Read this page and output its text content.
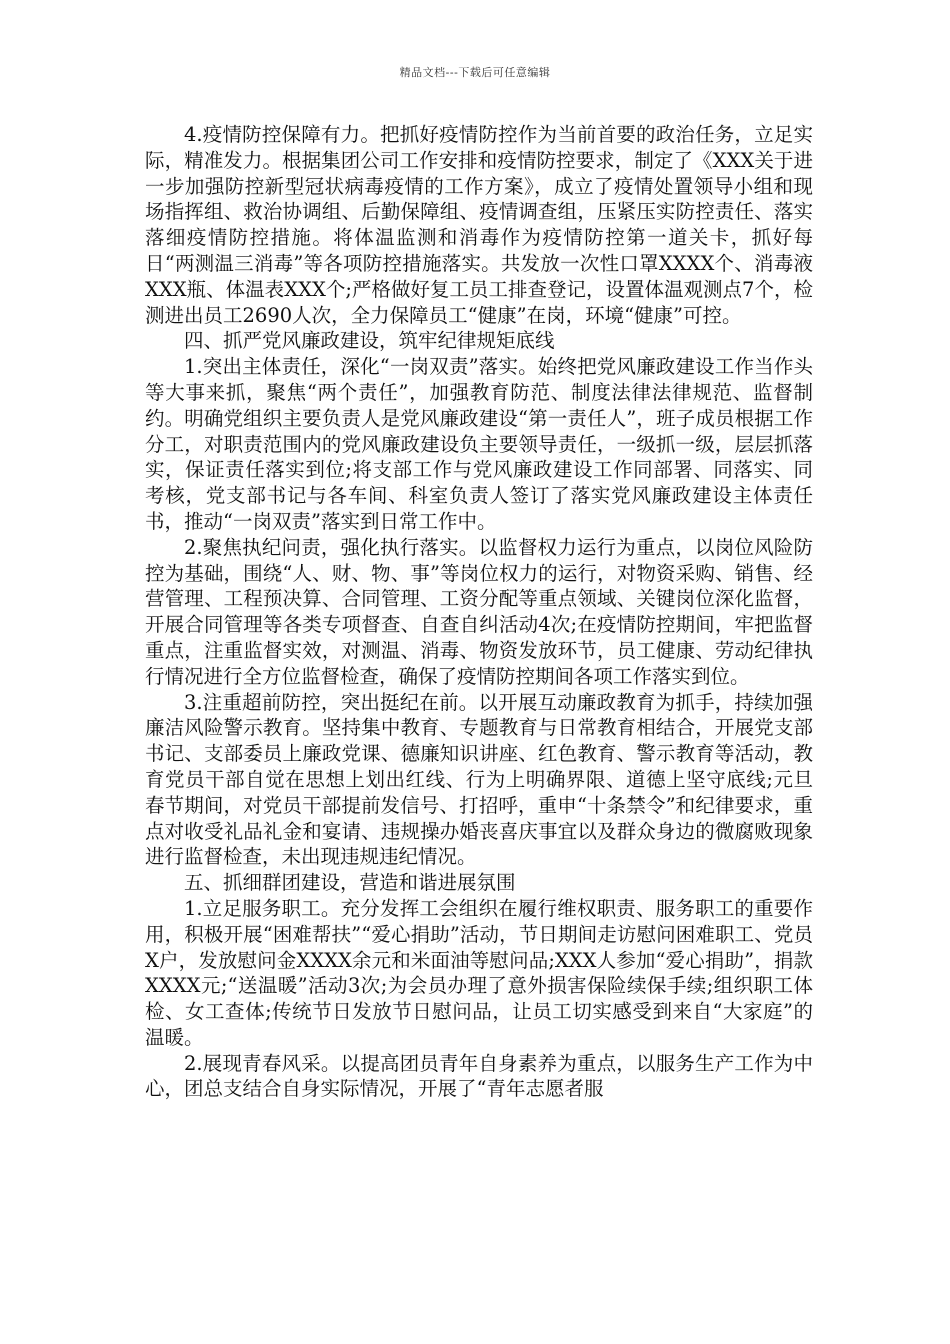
精品文档---下载后可任意编辑

4.疫情防控保障有力。把抓好疫情防控作为当前首要的政治任务，立足实际，精准发力。根据集团公司工作安排和疫情防控要求，制定了《XXX关于进一步加强防控新型冠状病毒疫情的工作方案》，成立了疫情处置领导小组和现场指挥组、救治协调组、后勤保障组、疫情调查组，压紧压实防控责任、落实落细疫情防控措施。将体温监测和消毒作为疫情防控第一道关卡，抓好每日“两测温三消毒”等各项防控措施落实。共发放一次性口罩XXXX个、消毒液XXX瓶、体温表XXX个;严格做好复工员工排查登记，设置体温观测点7个，检测进出员工2690人次，全力保障员工“健康”在岗，环境“健康”可控。

四、抓严党风廉政建设，筑牢纪律规矩底线

1.突出主体责任，深化“一岗双责”落实。始终把党风廉政建设工作当作头等大事来抓，聚焦“两个责任”，加强教育防范、制度法律法律规范、监督制约。明确党组织主要负责人是党风廉政建设“第一责任人”，班子成员根据工作分工，对职责范围内的党风廉政建设负主要领导责任，一级抓一级，层层抓落实，保证责任落实到位;将支部工作与党风廉政建设工作同部署、同落实、同考核，党支部书记与各车间、科室负责人签订了落实党风廉政建设主体责任书，推动“一岗双责”落实到日常工作中。

2.聚焦执纪问责，强化执行落实。以监督权力运行为重点，以岗位风险防控为基础，围绕“人、财、物、事”等岗位权力的运行，对物资采购、销售、经营管理、工程预决算、合同管理、工资分配等重点领域、关键岗位深化监督，开展合同管理等各类专项督查、自查自纠活动4次;在疫情防控期间，牢把监督重点，注重监督实效，对测温、消毒、物资发放环节，员工健康、劳动纪律执行情况进行全方位监督检查，确保了疫情防控期间各项工作落实到位。

3.注重超前防控，突出挺纪在前。以开展互动廉政教育为抓手，持续加强廉洁风险警示教育。坚持集中教育、专题教育与日常教育相结合，开展党支部书记、支部委员上廉政党课、德廉知识讲座、红色教育、警示教育等活动，教育党员干部自觉在思想上划出红线、行为上明确界限、道德上坚守底线;元旦春节期间，对党员干部提前发信号、打招呼，重申“十条禁令”和纪律要求，重点对收受礼品礼金和宴请、违规操办婚丧喜庆事宜以及群众身边的微腐败现象进行监督检查，未出现违规违纪情况。

五、抓细群团建设，营造和谐进展氛围

1.立足服务职工。充分发挥工会组织在履行维权职责、服务职工的重要作用，积极开展“困难帮扶”“爱心捐助”活动，节日期间走访慰问困难职工、党员X户，发放慰问金XXXX余元和米面油等慰问品;XXX人参加“爱心捐助”，捐款XXXX元;“送温暖”活动3次;为会员办理了意外损害保险续保手续;组织职工体检、女工查体;传统节日发放节日慰问品，让员工切实感受到来自“大家庭”的温暖。

2.展现青春风采。以提高团员青年自身素养为重点，以服务生产工作为中心，团总支结合自身实际情况，开展了“青年志愿者服
